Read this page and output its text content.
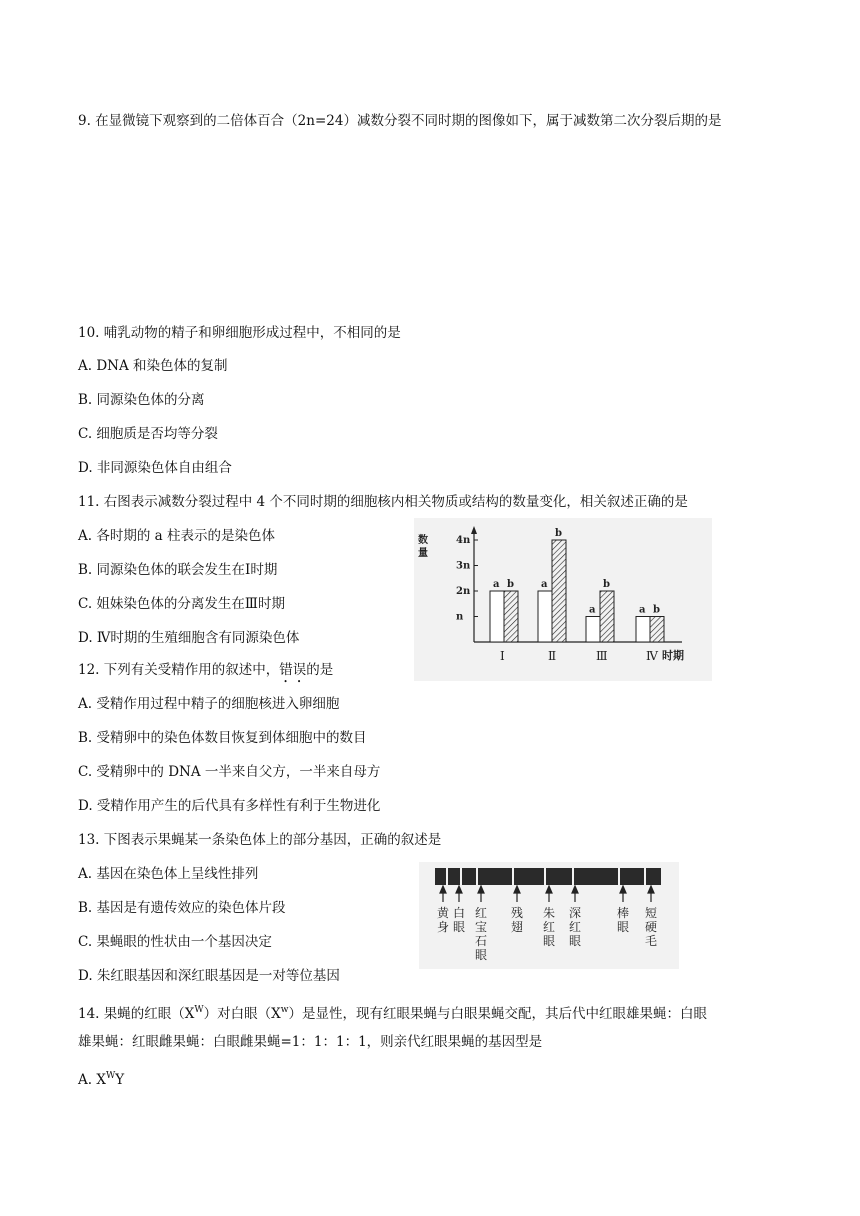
9. 在显微镜下观察到的二倍体百合（2n=24）减数分裂不同时期的图像如下，属于减数第二次分裂后期的是
10. 哺乳动物的精子和卵细胞形成过程中，不相同的是
A. DNA 和染色体的复制
B. 同源染色体的分离
C. 细胞质是否均等分裂
D. 非同源染色体自由组合
11. 右图表示减数分裂过程中 4 个不同时期的细胞核内相关物质或结构的数量变化，相关叙述正确的是
A. 各时期的 a 柱表示的是染色体
B. 同源染色体的联会发生在Ⅰ时期
C. 姐妹染色体的分离发生在Ⅲ时期
D. Ⅳ时期的生殖细胞含有同源染色体
数
量
n
2n
3n
4n
a b
Ⅰ
a
b
Ⅱ
a
b
Ⅲ
a b
Ⅳ 时期
12. 下列有关受精作用的叙述中，错误的是
A. 受精作用过程中精子的细胞核进入卵细胞
B. 受精卵中的染色体数目恢复到体细胞中的数目
C. 受精卵中的 DNA 一半来自父方，一半来自母方
D. 受精作用产生的后代具有多样性有利于生物进化
13. 下图表示果蝇某一条染色体上的部分基因，正确的叙述是
A. 基因在染色体上呈线性排列
B. 基因是有遗传效应的染色体片段
C. 果蝇眼的性状由一个基因决定
D. 朱红眼基因和深红眼基因是一对等位基因
黄身
白眼
红宝石眼
残翅
朱红眼
深红眼
棒眼
短硬毛
14. 果蝇的红眼$(X^W)$对白眼$(X^w)$是显性，现有红眼果蝇与白眼果蝇交配，其后代中红眼雄果蝇：白眼
雄果蝇：红眼雌果蝇：白眼雌果蝇=1：1：1：1，则亲代红眼果蝇的基因型是
A. $X^WY$
